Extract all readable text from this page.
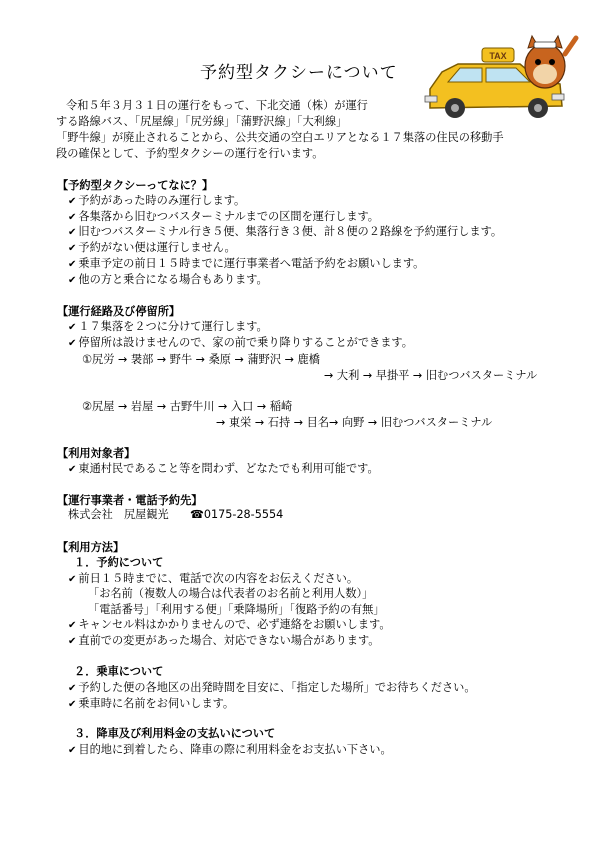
予約型タクシーについて
TAX
令和５年３月３１日の運行をもって、下北交通（株）が運行
する路線バス、「尻屋線」「尻労線」「蒲野沢線」「大利線」
「野牛線」が廃止されることから、公共交通の空白エリアとなる１７集落の住民の移動手
段の確保として、予約型タクシーの運行を行います。
【予約型タクシーってなに？】
✔ 予約があった時のみ運行します。
✔ 各集落から旧むつバスターミナルまでの区間を運行します。
✔ 旧むつバスターミナル行き５便、集落行き３便、計８便の２路線を予約運行します。
✔ 予約がない便は運行しません。
✔ 乗車予定の前日１５時までに運行事業者へ電話予約をお願いします。
✔ 他の方と乗合になる場合もあります。
【運行経路及び停留所】
✔ １７集落を２つに分けて運行します。
✔ 停留所は設けませんので、家の前で乗り降りすることができます。
①尻労 → 袰部 → 野牛 → 桑原 → 蒲野沢 → 鹿橋
→ 大利 → 早掛平 → 旧むつバスターミナル
②尻屋 → 岩屋 → 古野牛川 → 入口 → 稲崎
→ 東栄 → 石持 → 目名→ 向野 → 旧むつバスターミナル
【利用対象者】
✔ 東通村民であること等を問わず、どなたでも利用可能です。
【運行事業者・電話予約先】
株式会社　尻屋観光 ☎0175-28-5554
【利用方法】
１．予約について
✔ 前日１５時までに、電話で次の内容をお伝えください。
「お名前（複数人の場合は代表者のお名前と利用人数）」
「電話番号」「利用する便」「乗降場所」「復路予約の有無」
✔ キャンセル料はかかりませんので、必ず連絡をお願いします。
✔ 直前での変更があった場合、対応できない場合があります。
２．乗車について
✔ 予約した便の各地区の出発時間を目安に、「指定した場所」でお待ちください。
✔ 乗車時に名前をお伺いします。
３．降車及び利用料金の支払いについて
✔ 目的地に到着したら、降車の際に利用料金をお支払い下さい。
